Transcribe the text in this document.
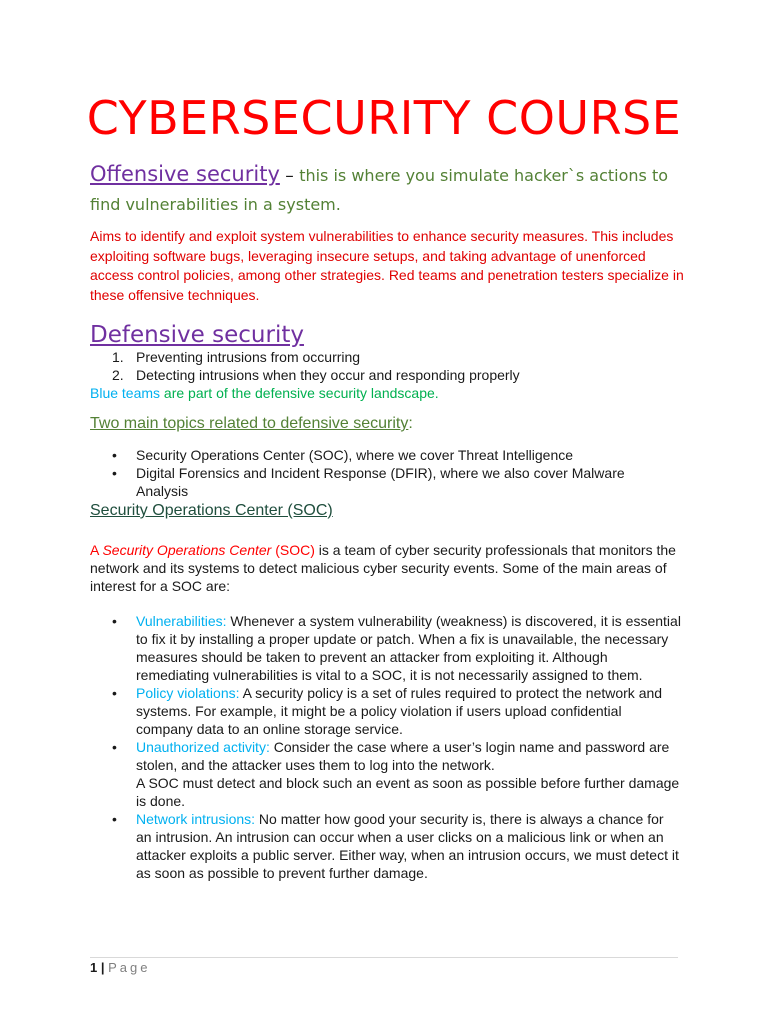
CYBERSECURITY COURSE
Offensive security – this is where you simulate hacker`s actions to find vulnerabilities in a system.
Aims to identify and exploit system vulnerabilities to enhance security measures. This includes exploiting software bugs, leveraging insecure setups, and taking advantage of unenforced access control policies, among other strategies. Red teams and penetration testers specialize in these offensive techniques.
Defensive security
1. Preventing intrusions from occurring
2. Detecting intrusions when they occur and responding properly
Blue teams are part of the defensive security landscape.
Two main topics related to defensive security:
• Security Operations Center (SOC), where we cover Threat Intelligence
• Digital Forensics and Incident Response (DFIR), where we also cover Malware Analysis
Security Operations Center (SOC)
A Security Operations Center (SOC) is a team of cyber security professionals that monitors the network and its systems to detect malicious cyber security events. Some of the main areas of interest for a SOC are:
• Vulnerabilities: Whenever a system vulnerability (weakness) is discovered, it is essential to fix it by installing a proper update or patch. When a fix is unavailable, the necessary measures should be taken to prevent an attacker from exploiting it. Although remediating vulnerabilities is vital to a SOC, it is not necessarily assigned to them.
• Policy violations: A security policy is a set of rules required to protect the network and systems. For example, it might be a policy violation if users upload confidential company data to an online storage service.
• Unauthorized activity: Consider the case where a user’s login name and password are stolen, and the attacker uses them to log into the network.
A SOC must detect and block such an event as soon as possible before further damage is done.
• Network intrusions: No matter how good your security is, there is always a chance for an intrusion. An intrusion can occur when a user clicks on a malicious link or when an attacker exploits a public server. Either way, when an intrusion occurs, we must detect it as soon as possible to prevent further damage.
1 | Page
